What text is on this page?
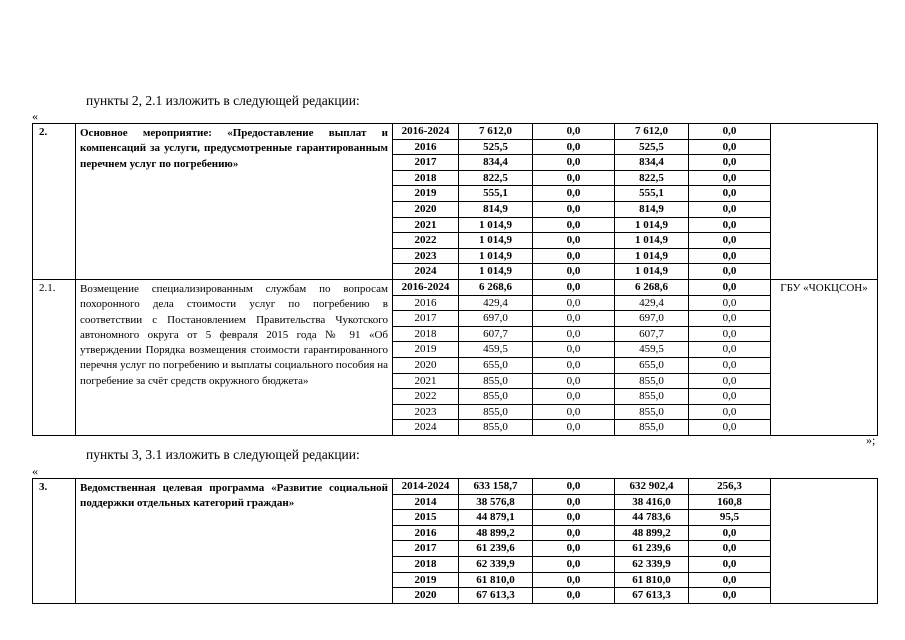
пункты 2, 2.1 изложить в следующей редакции:
«
2.	Основное мероприятие: «Предоставление выплат и компенсаций за услуги, предусмотренные гарантированным перечнем услуг по погребению»	2016-2024	7 612,0	0,0	7 612,0	0,0	
		2016	525,5	0,0	525,5	0,0	
		2017	834,4	0,0	834,4	0,0	
		2018	822,5	0,0	822,5	0,0	
		2019	555,1	0,0	555,1	0,0	
		2020	814,9	0,0	814,9	0,0	
		2021	1 014,9	0,0	1 014,9	0,0	
		2022	1 014,9	0,0	1 014,9	0,0	
		2023	1 014,9	0,0	1 014,9	0,0	
		2024	1 014,9	0,0	1 014,9	0,0	
2.1.	Возмещение специализированным службам по вопросам похоронного дела стоимости услуг по погребению в соответствии с Постановлением Правительства Чукотского автономного округа от 5 февраля 2015 года № 91 «Об утверждении Порядка возмещения стоимости гарантированного перечня услуг по погребению и выплаты социального пособия на погребение за счёт средств окружного бюджета»	2016-2024	6 268,6	0,0	6 268,6	0,0	ГБУ «ЧОКЦСОН»
		2016	429,4	0,0	429,4	0,0	
		2017	697,0	0,0	697,0	0,0	
		2018	607,7	0,0	607,7	0,0	
		2019	459,5	0,0	459,5	0,0	
		2020	655,0	0,0	655,0	0,0	
		2021	855,0	0,0	855,0	0,0	
		2022	855,0	0,0	855,0	0,0	
		2023	855,0	0,0	855,0	0,0	
		2024	855,0	0,0	855,0	0,0	
»;
пункты 3, 3.1 изложить в следующей редакции:
«
3.	Ведомственная целевая программа «Развитие социальной поддержки отдельных категорий граждан»	2014-2024	633 158,7	0,0	632 902,4	256,3	
		2014	38 576,8	0,0	38 416,0	160,8	
		2015	44 879,1	0,0	44 783,6	95,5	
		2016	48 899,2	0,0	48 899,2	0,0	
		2017	61 239,6	0,0	61 239,6	0,0	
		2018	62 339,9	0,0	62 339,9	0,0	
		2019	61 810,0	0,0	61 810,0	0,0	
		2020	67 613,3	0,0	67 613,3	0,0	
